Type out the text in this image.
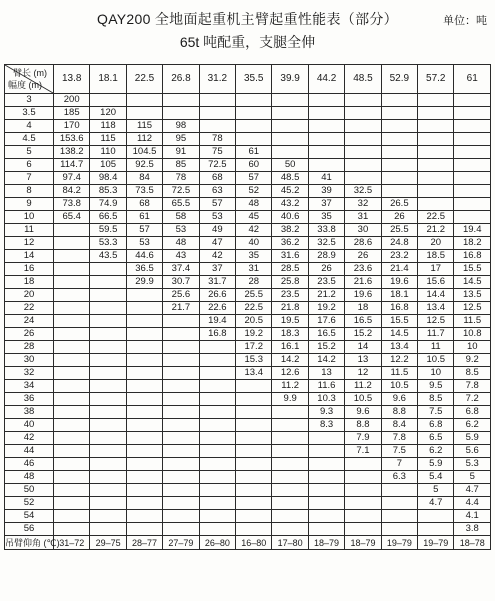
QAY200 全地面起重机主臂起重性能表（部分）	单位：吨
65t 吨配重，支腿全伸
臂长 (m)
幅度 (m)	13.8	18.1	22.5	26.8	31.2	35.5	39.9	44.2	48.5	52.9	57.2	61
3	200											
3.5	185	120										
4	170	118	115	98								
4.5	153.6	115	112	95	78							
5	138.2	110	104.5	91	75	61						
6	114.7	105	92.5	85	72.5	60	50					
7	97.4	98.4	84	78	68	57	48.5	41				
8	84.2	85.3	73.5	72.5	63	52	45.2	39	32.5			
9	73.8	74.9	68	65.5	57	48	43.2	37	32	26.5		
10	65.4	66.5	61	58	53	45	40.6	35	31	26	22.5	
11		59.5	57	53	49	42	38.2	33.8	30	25.5	21.2	19.4
12		53.3	53	48	47	40	36.2	32.5	28.6	24.8	20	18.2
14		43.5	44.6	43	42	35	31.6	28.9	26	23.2	18.5	16.8
16			36.5	37.4	37	31	28.5	26	23.6	21.4	17	15.5
18			29.9	30.7	31.7	28	25.8	23.5	21.6	19.6	15.6	14.5
20				25.6	26.6	25.5	23.5	21.2	19.6	18.1	14.4	13.5
22				21.7	22.6	22.5	21.8	19.2	18	16.8	13.4	12.5
24					19.4	20.5	19.5	17.6	16.5	15.5	12.5	11.5
26					16.8	19.2	18.3	16.5	15.2	14.5	11.7	10.8
28						17.2	16.1	15.2	14	13.4	11	10
30						15.3	14.2	14.2	13	12.2	10.5	9.2
32						13.4	12.6	13	12	11.5	10	8.5
34							11.2	11.6	11.2	10.5	9.5	7.8
36							9.9	10.3	10.5	9.6	8.5	7.2
38								9.3	9.6	8.8	7.5	6.8
40								8.3	8.8	8.4	6.8	6.2
42									7.9	7.8	6.5	5.9
44									7.1	7.5	6.2	5.6
46										7	5.9	5.3
48										6.3	5.4	5
50											5	4.7
52											4.7	4.4
54												4.1
56												3.8
吊臂仰角 (℃)	31–72	29–75	28–77	27–79	26–80	16–80	17–80	18–79	18–79	19–79	19–79	18–78
